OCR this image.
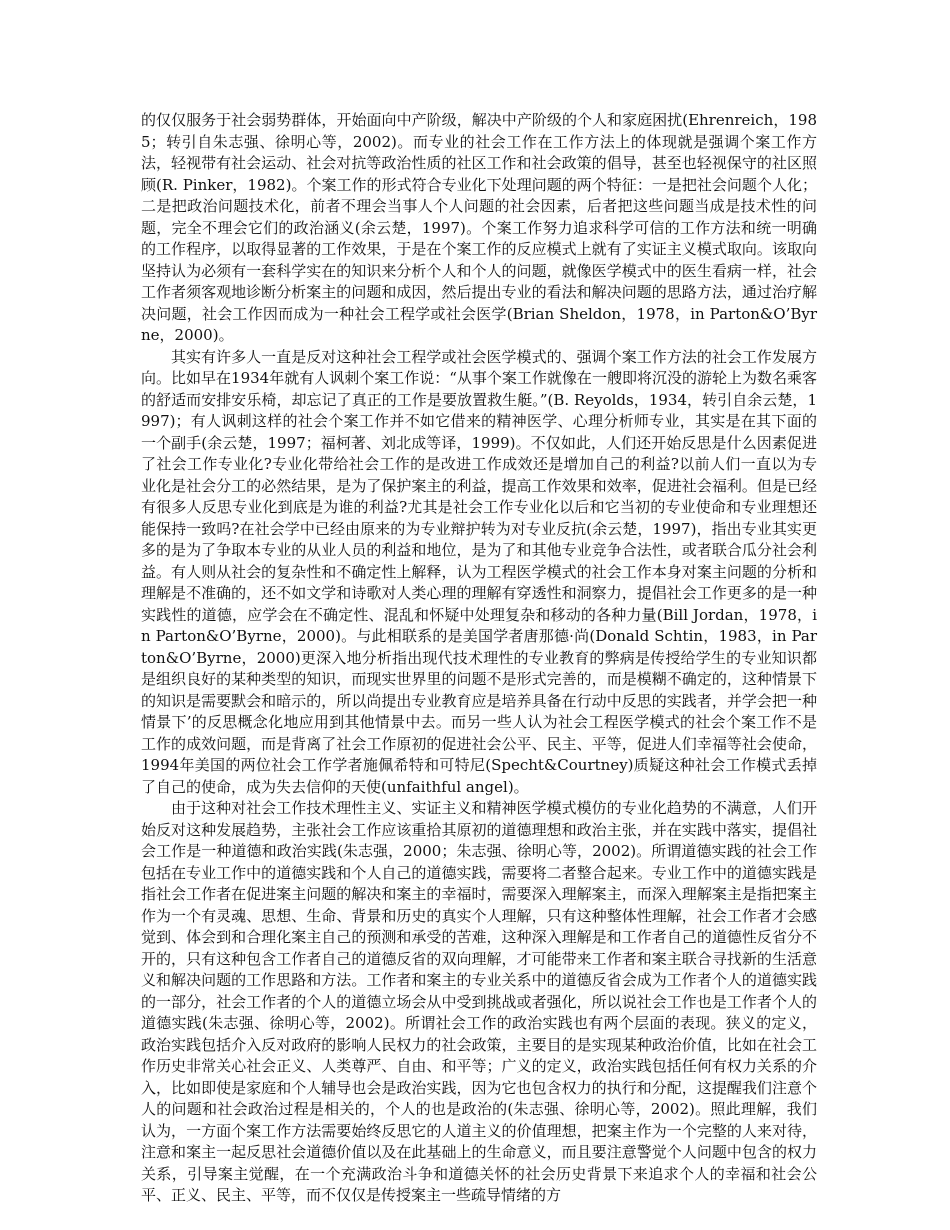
的仅仅服务于社会弱势群体，开始面向中产阶级，解决中产阶级的个人和家庭困扰(Ehrenreich，1985；转引自朱志强、徐明心等，2002)。而专业的社会工作在工作方法上的体现就是强调个案工作方法，轻视带有社会运动、社会对抗等政治性质的社区工作和社会政策的倡导，甚至也轻视保守的社区照顾(R. Pinker，1982)。个案工作的形式符合专业化下处理问题的两个特征：一是把社会问题个人化；二是把政治问题技术化，前者不理会当事人个人问题的社会因素，后者把这些问题当成是技术性的问题，完全不理会它们的政治涵义(余云楚，1997)。个案工作努力追求科学可信的工作方法和统一明确的工作程序，以取得显著的工作效果，于是在个案工作的反应模式上就有了实证主义模式取向。该取向坚持认为必须有一套科学实在的知识来分析个人和个人的问题，就像医学模式中的医生看病一样，社会工作者须客观地诊断分析案主的问题和成因，然后提出专业的看法和解决问题的思路方法，通过治疗解决问题，社会工作因而成为一种社会工程学或社会医学(Brian Sheldon，1978，in Parton&O’Byrne，2000)。

其实有许多人一直是反对这种社会工程学或社会医学模式的、强调个案工作方法的社会工作发展方向。比如早在1934年就有人讽刺个案工作说：“从事个案工作就像在一艘即将沉没的游轮上为数名乘客的舒适而安排安乐椅，却忘记了真正的工作是要放置救生艇。”(B. Reyolds，1934，转引自余云楚，1997)；有人讽刺这样的社会个案工作并不如它借来的精神医学、心理分析师专业，其实是在其下面的一个副手(余云楚，1997；福柯著、刘北成等译，1999)。不仅如此，人们还开始反思是什么因素促进了社会工作专业化?专业化带给社会工作的是改进工作成效还是增加自己的利益?以前人们一直以为专业化是社会分工的必然结果，是为了保护案主的利益，提高工作效果和效率，促进社会福利。但是已经有很多人反思专业化到底是为谁的利益?尤其是社会工作专业化以后和它当初的专业使命和专业理想还能保持一致吗?在社会学中已经由原来的为专业辩护转为对专业反抗(余云楚，1997)，指出专业其实更多的是为了争取本专业的从业人员的利益和地位，是为了和其他专业竞争合法性，或者联合瓜分社会利益。有人则从社会的复杂性和不确定性上解释，认为工程医学模式的社会工作本身对案主问题的分析和理解是不准确的，还不如文学和诗歌对人类心理的理解有穿透性和洞察力，提倡社会工作更多的是一种实践性的道德，应学会在不确定性、混乱和怀疑中处理复杂和移动的各种力量(Bill Jordan，1978，in Parton&O’Byrne，2000)。与此相联系的是美国学者唐那德·尚(Donald Schtin，1983，in Parton&O’Byrne，2000)更深入地分析指出现代技术理性的专业教育的弊病是传授给学生的专业知识都是组织良好的某种类型的知识，而现实世界里的问题不是形式完善的，而是模糊不确定的，这种情景下的知识是需要默会和暗示的，所以尚提出专业教育应是培养具备在行动中反思的实践者，并学会把一种情景下’的反思概念化地应用到其他情景中去。而另一些人认为社会工程医学模式的社会个案工作不是工作的成效问题，而是背离了社会工作原初的促进社会公平、民主、平等，促进人们幸福等社会使命，1994年美国的两位社会工作学者施佩希特和可特尼(Specht&Courtney)质疑这种社会工作模式丢掉了自己的使命，成为失去信仰的天使(unfaithful angel)。

由于这种对社会工作技术理性主义、实证主义和精神医学模式模仿的专业化趋势的不满意，人们开始反对这种发展趋势，主张社会工作应该重拾其原初的道德理想和政治主张，并在实践中落实，提倡社会工作是一种道德和政治实践(朱志强，2000；朱志强、徐明心等，2002)。所谓道德实践的社会工作包括在专业工作中的道德实践和个人自己的道德实践，需要将二者整合起来。专业工作中的道德实践是指社会工作者在促进案主问题的解决和案主的幸福时，需要深入理解案主，而深入理解案主是指把案主作为一个有灵魂、思想、生命、背景和历史的真实个人理解，只有这种整体性理解，社会工作者才会感觉到、体会到和合理化案主自己的预测和承受的苦难，这种深入理解是和工作者自己的道德性反省分不开的，只有这种包含工作者自己的道德反省的双向理解，才可能带来工作者和案主联合寻找新的生活意义和解决问题的工作思路和方法。工作者和案主的专业关系中的道德反省会成为工作者个人的道德实践的一部分，社会工作者的个人的道德立场会从中受到挑战或者强化，所以说社会工作也是工作者个人的道德实践(朱志强、徐明心等，2002)。所谓社会工作的政治实践也有两个层面的表现。狭义的定义，政治实践包括介入反对政府的影响人民权力的社会政策，主要目的是实现某种政治价值，比如在社会工作历史非常关心社会正义、人类尊严、自由、和平等；广义的定义，政治实践包括任何有权力关系的介入，比如即使是家庭和个人辅导也会是政治实践，因为它也包含权力的执行和分配，这提醒我们注意个人的问题和社会政治过程是相关的，个人的也是政治的(朱志强、徐明心等，2002)。照此理解，我们认为，一方面个案工作方法需要始终反思它的人道主义的价值理想，把案主作为一个完整的人来对待，注意和案主一起反思社会道德价值以及在此基础上的生命意义，而且要注意警觉个人问题中包含的权力关系，引导案主觉醒，在一个充满政治斗争和道德关怀的社会历史背景下来追求个人的幸福和社会公平、正义、民主、平等，而不仅仅是传授案主一些疏导情绪的方
